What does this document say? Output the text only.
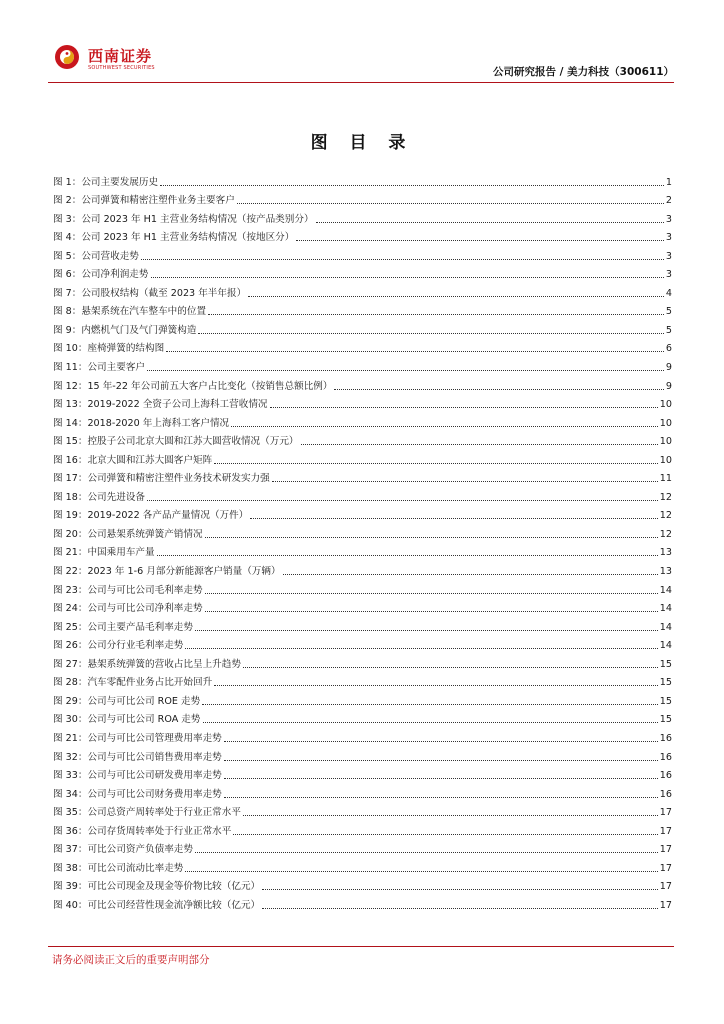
西南证券
SOUTHWEST SECURITIES	公司研究报告 / 美力科技（300611）
图 目 录
图 1：公司主要发展历史	1
图 2：公司弹簧和精密注塑件业务主要客户	2
图 3：公司 2023 年 H1 主营业务结构情况（按产品类别分）	3
图 4：公司 2023 年 H1 主营业务结构情况（按地区分）	3
图 5：公司营收走势	3
图 6：公司净利润走势	3
图 7：公司股权结构（截至 2023 年半年报）	4
图 8：悬架系统在汽车整车中的位置	5
图 9：内燃机气门及气门弹簧构造	5
图 10：座椅弹簧的结构图	6
图 11：公司主要客户	9
图 12：15 年-22 年公司前五大客户占比变化（按销售总额比例）	9
图 13：2019-2022 全资子公司上海科工营收情况	10
图 14：2018-2020 年上海科工客户情况	10
图 15：控股子公司北京大圆和江苏大圆营收情况（万元）	10
图 16：北京大圆和江苏大圆客户矩阵	10
图 17：公司弹簧和精密注塑件业务技术研发实力强	11
图 18：公司先进设备	12
图 19：2019-2022 各产品产量情况（万件）	12
图 20：公司悬架系统弹簧产销情况	12
图 21：中国乘用车产量	13
图 22：2023 年 1-6 月部分新能源客户销量（万辆）	13
图 23：公司与可比公司毛利率走势	14
图 24：公司与可比公司净利率走势	14
图 25：公司主要产品毛利率走势	14
图 26：公司分行业毛利率走势	14
图 27：悬架系统弹簧的营收占比呈上升趋势	15
图 28：汽车零配件业务占比开始回升	15
图 29：公司与可比公司 ROE 走势	15
图 30：公司与可比公司 ROA 走势	15
图 21：公司与可比公司管理费用率走势	16
图 32：公司与可比公司销售费用率走势	16
图 33：公司与可比公司研发费用率走势	16
图 34：公司与可比公司财务费用率走势	16
图 35：公司总资产周转率处于行业正常水平	17
图 36：公司存货周转率处于行业正常水平	17
图 37：可比公司资产负债率走势	17
图 38：可比公司流动比率走势	17
图 39：可比公司现金及现金等价物比较（亿元）	17
图 40：可比公司经营性现金流净额比较（亿元）	17
请务必阅读正文后的重要声明部分
